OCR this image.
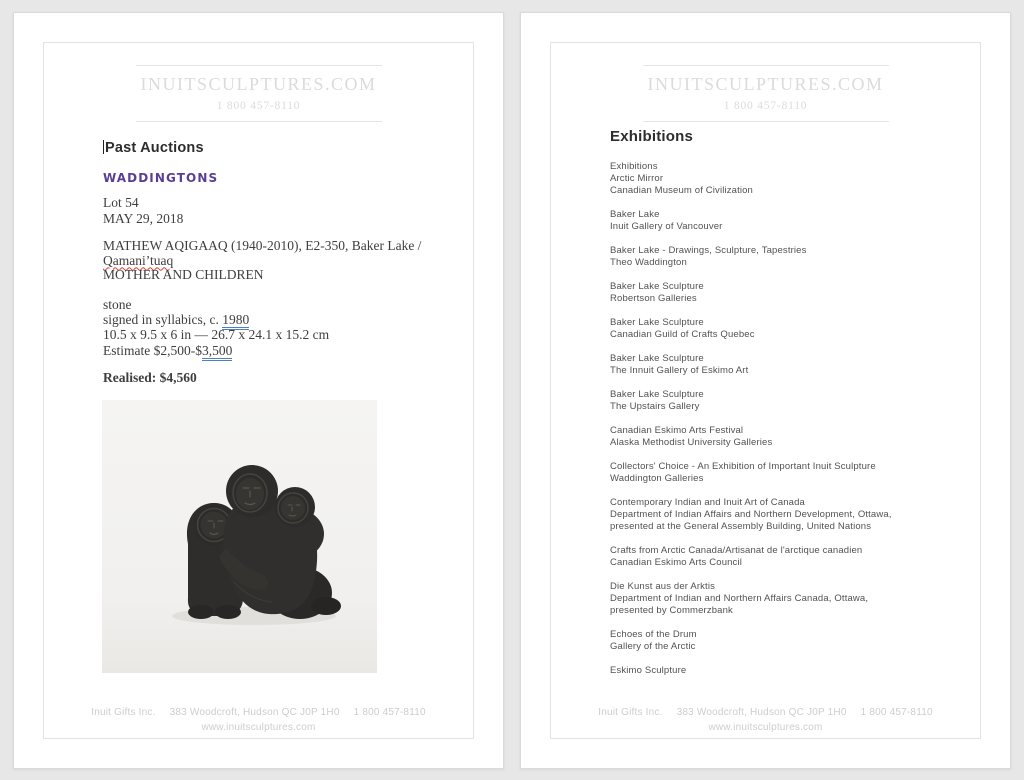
INUITSCULPTURES.COM
1 800 457-8110
Past Auctions
WADDINGTONS
Lot 54
MAY 29, 2018
MATHEW AQIGAAQ (1940-2010), E2-350, Baker Lake /
Qamani’tuaq
MOTHER AND CHILDREN
stone
signed in syllabics, c. 1980
10.5 x 9.5 x 6 in — 26.7 x 24.1 x 15.2 cm
Estimate $2,500-$3,500
Realised: $4,560
Inuit Gifts Inc. 383 Woodcroft, Hudson QC J0P 1H0 1 800 457-8110
www.inuitsculptures.com
INUITSCULPTURES.COM
1 800 457-8110
Exhibitions
Exhibitions
Arctic Mirror
Canadian Museum of Civilization
Baker Lake
Inuit Gallery of Vancouver
Baker Lake - Drawings, Sculpture, Tapestries
Theo Waddington
Baker Lake Sculpture
Robertson Galleries
Baker Lake Sculpture
Canadian Guild of Crafts Quebec
Baker Lake Sculpture
The Innuit Gallery of Eskimo Art
Baker Lake Sculpture
The Upstairs Gallery
Canadian Eskimo Arts Festival
Alaska Methodist University Galleries
Collectors' Choice - An Exhibition of Important Inuit Sculpture
Waddington Galleries
Contemporary Indian and Inuit Art of Canada
Department of Indian Affairs and Northern Development, Ottawa,
presented at the General Assembly Building, United Nations
Crafts from Arctic Canada/Artisanat de l'arctique canadien
Canadian Eskimo Arts Council
Die Kunst aus der Arktis
Department of Indian and Northern Affairs Canada, Ottawa,
presented by Commerzbank
Echoes of the Drum
Gallery of the Arctic
Eskimo Sculpture
Inuit Gifts Inc. 383 Woodcroft, Hudson QC J0P 1H0 1 800 457-8110
www.inuitsculptures.com
